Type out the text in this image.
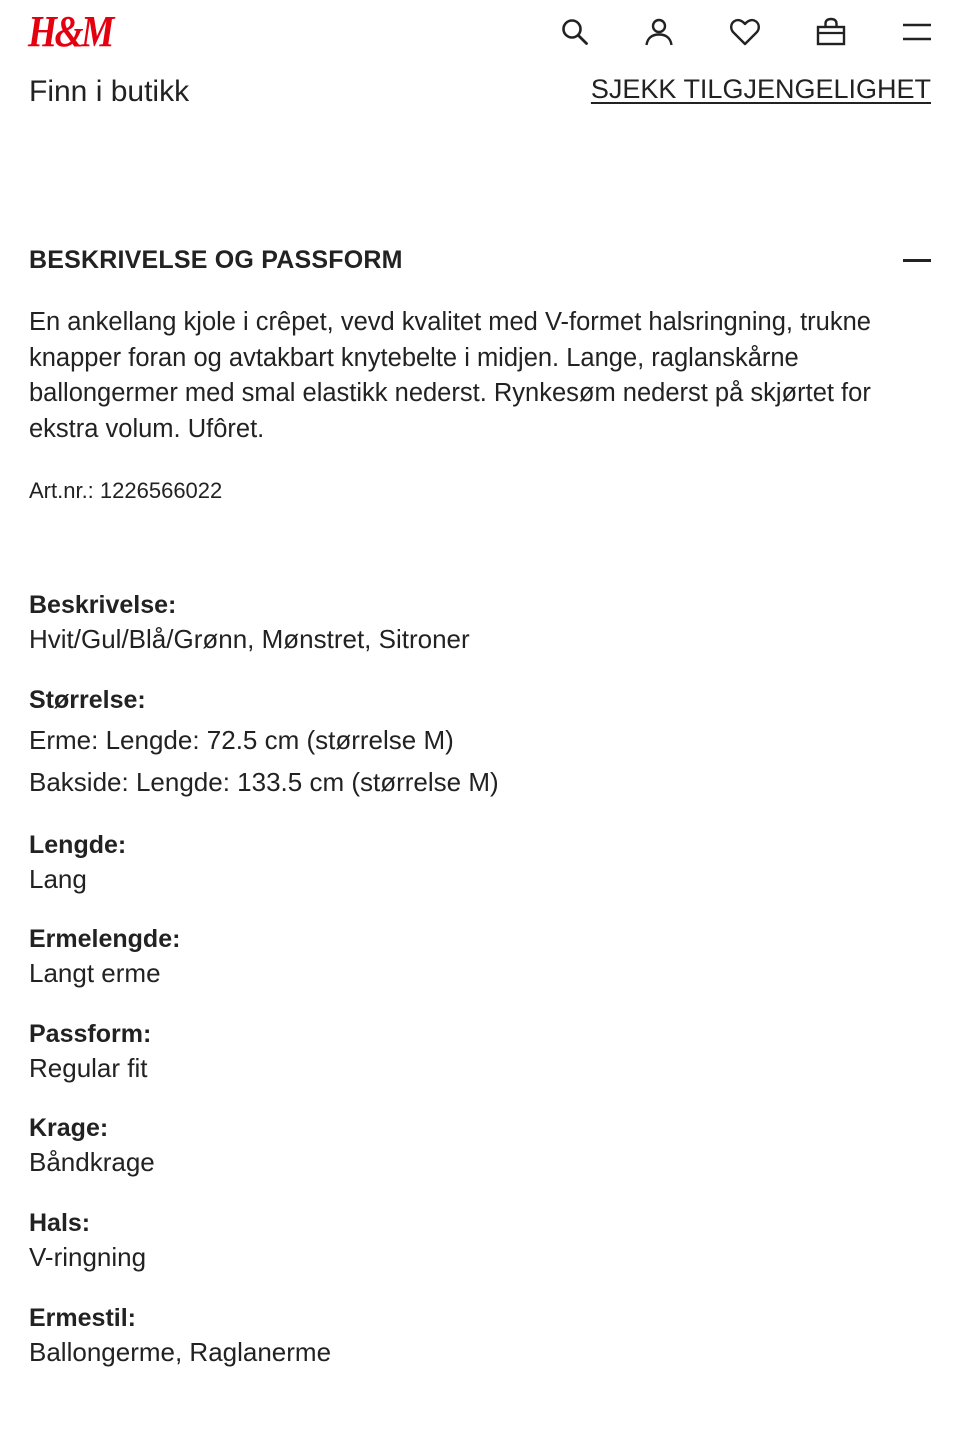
H&M
Finn i butikk	SJEKK TILGJENGELIGHET
BESKRIVELSE OG PASSFORM

En ankellang kjole i crêpet, vevd kvalitet med V-formet halsringning, trukne knapper foran og avtakbart knytebelte i midjen. Lange, raglanskårne ballongermer med smal elastikk nederst. Rynkesøm nederst på skjørtet for ekstra volum. Ufôret.

Art.nr.: 1226566022
Beskrivelse:
Hvit/Gul/Blå/Grønn, Mønstret, Sitroner
Størrelse:
Erme: Lengde: 72.5 cm (størrelse M)
Bakside: Lengde: 133.5 cm (størrelse M)
Lengde:
Lang
Ermelengde:
Langt erme
Passform:
Regular fit
Krage:
Båndkrage
Hals:
V-ringning
Ermestil:
Ballongerme, Raglanerme
